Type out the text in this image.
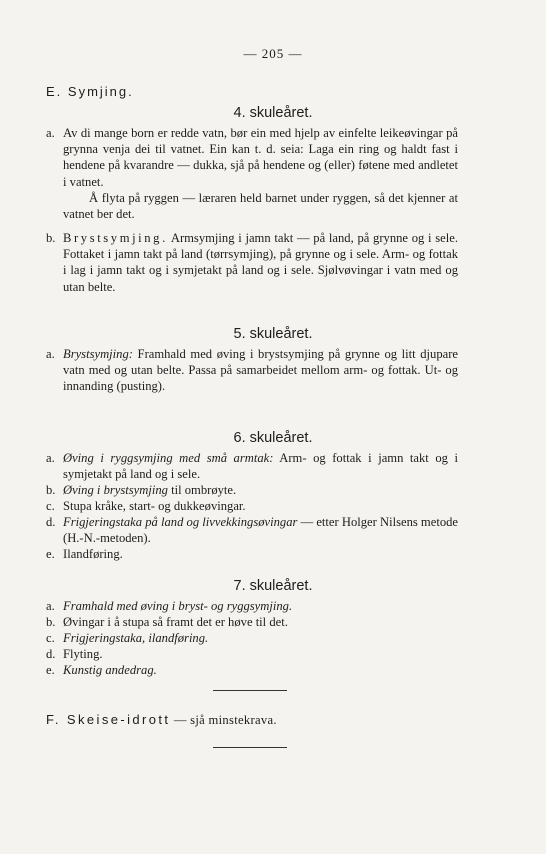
— 205 —
E. Symjing.
4. skuleåret.
a. Av di mange born er redde vatn, bør ein med hjelp av einfelte leikeøvingar på grynna venja dei til vatnet. Ein kan t. d. seia: Laga ein ring og haldt fast i hendene på kvarandre — dukka, sjå på hendene og (eller) føtene med andletet i vatnet.
Å flyta på ryggen — læraren held barnet under ryggen, så det kjenner at vatnet ber det.
b. Brystsymjing. Armsymjing i jamn takt — på land, på grynne og i sele. Fottaket i jamn takt på land (tørrsymjing), på grynne og i sele. Arm- og fottak i lag i jamn takt og i symjetakt på land og i sele. Sjølvøvingar i vatn med og utan belte.
5. skuleåret.
a. Brystsymjing: Framhald med øving i brystsymjing på grynne og litt djupare vatn med og utan belte. Passa på samarbeidet mellom arm- og fottak. Ut- og innanding (pusting).
6. skuleåret.
a. Øving i ryggsymjing med små armtak: Arm- og fottak i jamn takt og i symjetakt på land og i sele.
b. Øving i brystsymjing til ombrøyte.
c. Stupa kråke, start- og dukkeøvingar.
d. Frigjeringstaka på land og livvekkingsøvingar — etter Holger Nilsens metode (H.-N.-metoden).
e. Ilandføring.
7. skuleåret.
a. Framhald med øving i bryst- og ryggsymjing.
b. Øvingar i å stupa så framt det er høve til det.
c. Frigjeringstaka, ilandføring.
d. Flyting.
e. Kunstig andedrag.
F. Skeise-idrott — sjå minstekrava.
